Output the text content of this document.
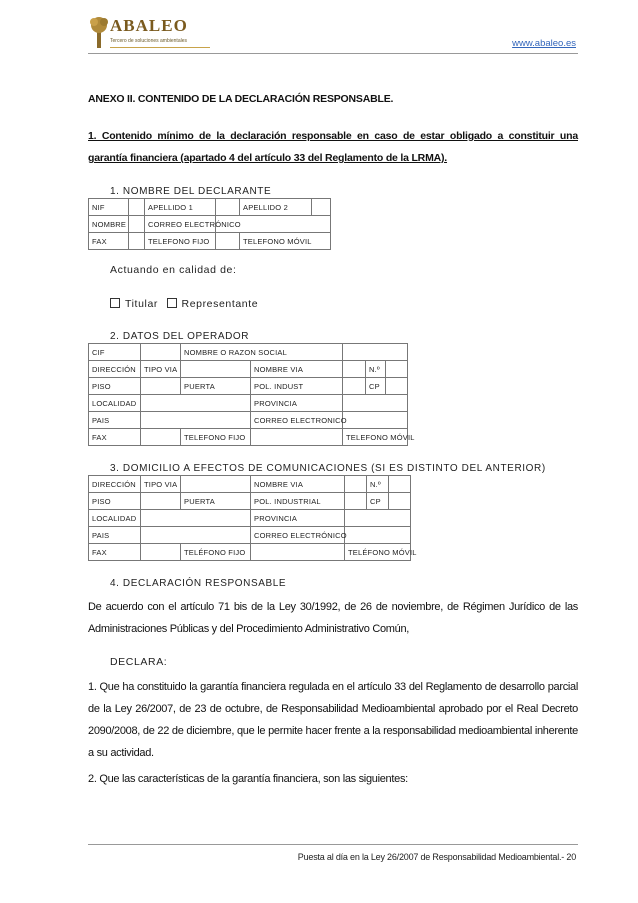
ABALEO
Tercero de soluciones ambientales	www.abaleo.es
ANEXO II. CONTENIDO DE LA DECLARACIÓN RESPONSABLE.
1. Contenido mínimo de la declaración responsable en caso de estar obligado a constituir una garantía financiera (apartado 4 del artículo 33 del Reglamento de la LRMA).
1. NOMBRE DEL DECLARANTE
NIF		APELLIDO 1		APELLIDO 2	
NOMBRE		CORREO ELECTRÓNICO			
FAX		TELEFONO FIJO		TELEFONO MÓVIL	
Actuando en calidad de:
Titular Representante
2. DATOS DEL OPERADOR
CIF		NOMBRE O RAZON SOCIAL				
DIRECCIÓN	TIPO VIA		NOMBRE VIA		N.º	
PISO		PUERTA	POL. INDUST		CP	
LOCALIDAD			PROVINCIA			
PAIS			CORREO ELECTRONICO			
FAX		TELEFONO FIJO		TELEFONO MÓVIL		
3. DOMICILIO A EFECTOS DE COMUNICACIONES (SI ES DISTINTO DEL ANTERIOR)
DIRECCIÓN	TIPO VIA		NOMBRE VIA		N.º	
PISO		PUERTA	POL. INDUSTRIAL		CP	
LOCALIDAD			PROVINCIA			
PAIS			CORREO ELECTRÓNICO			
FAX		TELÉFONO FIJO		TELÉFONO MÓVIL		
4. DECLARACIÓN RESPONSABLE
De acuerdo con el artículo 71 bis de la Ley 30/1992, de 26 de noviembre, de Régimen Jurídico de las Administraciones Públicas y del Procedimiento Administrativo Común,
DECLARA:
1. Que ha constituido la garantía financiera regulada en el artículo 33 del Reglamento de desarrollo parcial de la Ley 26/2007, de 23 de octubre, de Responsabilidad Medioambiental aprobado por el Real Decreto 2090/2008, de 22 de diciembre, que le permite hacer frente a la responsabilidad medioambiental inherente a su actividad.
2. Que las características de la garantía financiera, son las siguientes:
Puesta al día en la Ley 26/2007 de Responsabilidad Medioambiental.- 20
